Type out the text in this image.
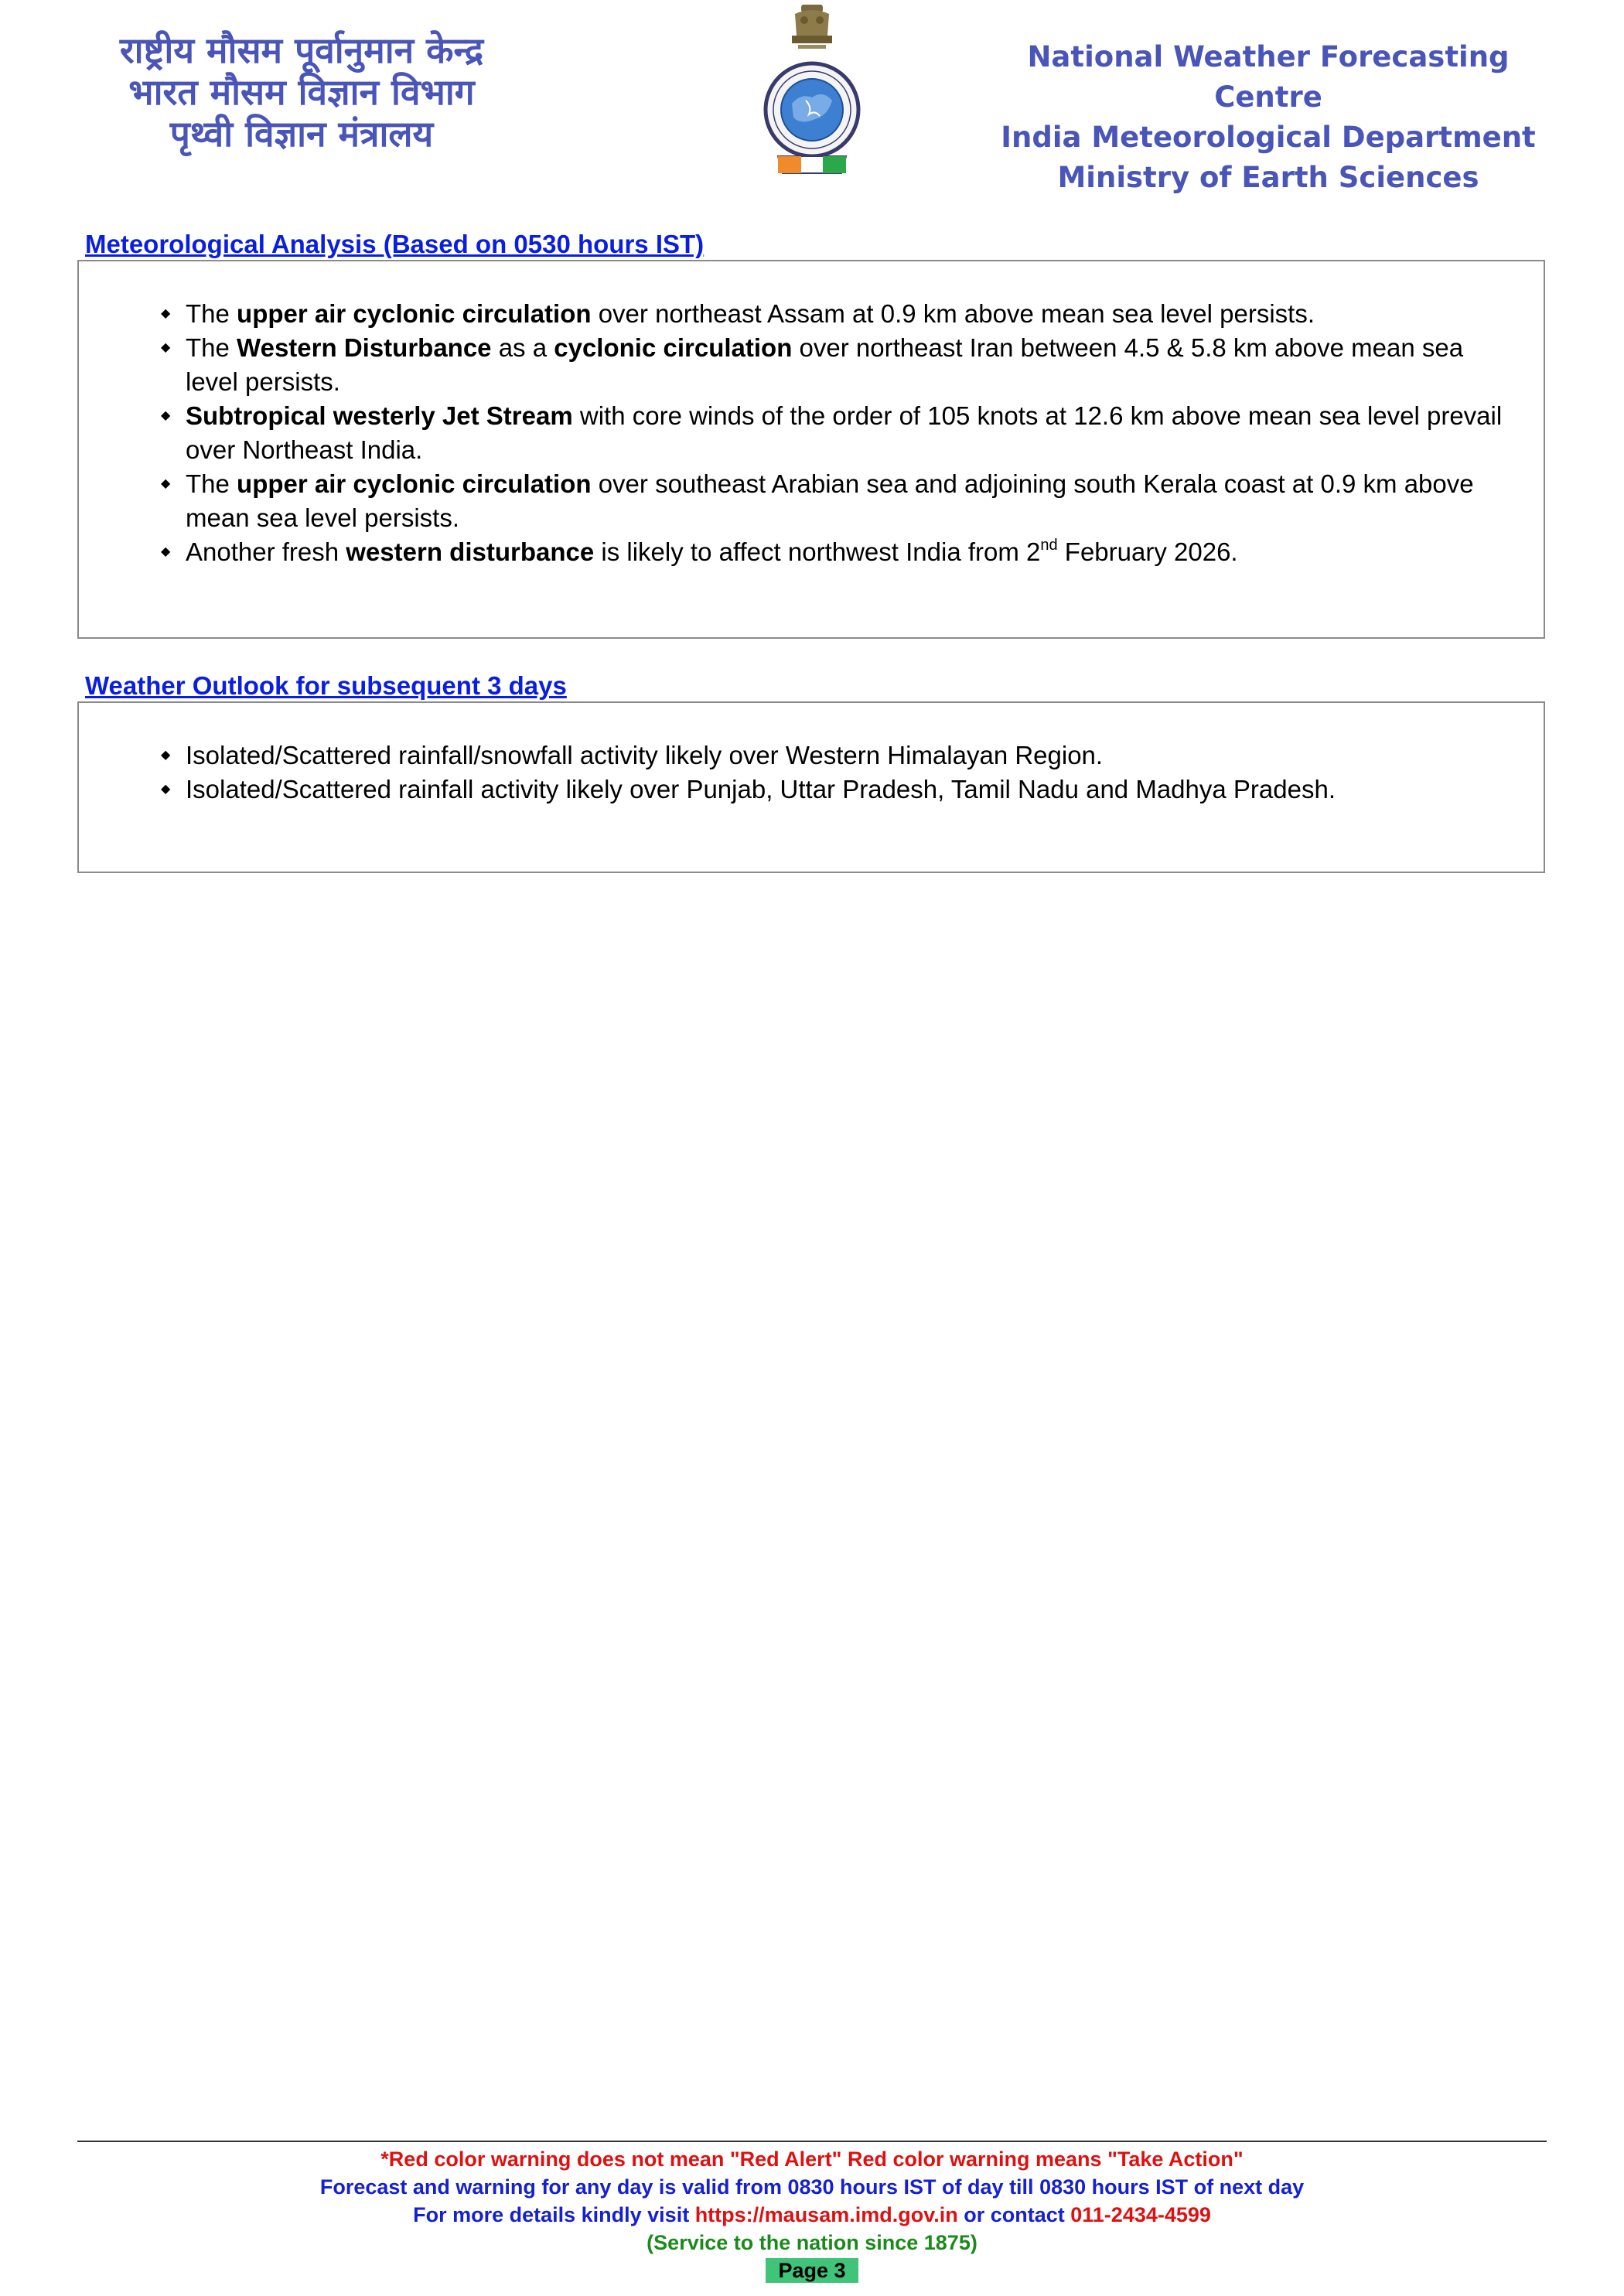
राष्ट्रीय मौसम पूर्वानुमान केन्द्र
भारत मौसम विज्ञान विभाग
पृथ्वी विज्ञान मंत्रालय
National Weather Forecasting Centre
India Meteorological Department
Ministry of Earth Sciences
Meteorological Analysis (Based on 0530 hours IST)
◆ The upper air cyclonic circulation over northeast Assam at 0.9 km above mean sea level persists.
◆ The Western Disturbance as a cyclonic circulation over northeast Iran between 4.5 & 5.8 km above mean sea level persists.
◆ Subtropical westerly Jet Stream with core winds of the order of 105 knots at 12.6 km above mean sea level prevail over Northeast India.
◆ The upper air cyclonic circulation over southeast Arabian sea and adjoining south Kerala coast at 0.9 km above mean sea level persists.
◆ Another fresh western disturbance is likely to affect northwest India from 2nd February 2026.
Weather Outlook for subsequent 3 days
◆ Isolated/Scattered rainfall/snowfall activity likely over Western Himalayan Region.
◆ Isolated/Scattered rainfall activity likely over Punjab, Uttar Pradesh, Tamil Nadu and Madhya Pradesh.
*Red color warning does not mean "Red Alert" Red color warning means "Take Action"
Forecast and warning for any day is valid from 0830 hours IST of day till 0830 hours IST of next day
For more details kindly visit https://mausam.imd.gov.in or contact 011-2434-4599
(Service to the nation since 1875)
Page 3
